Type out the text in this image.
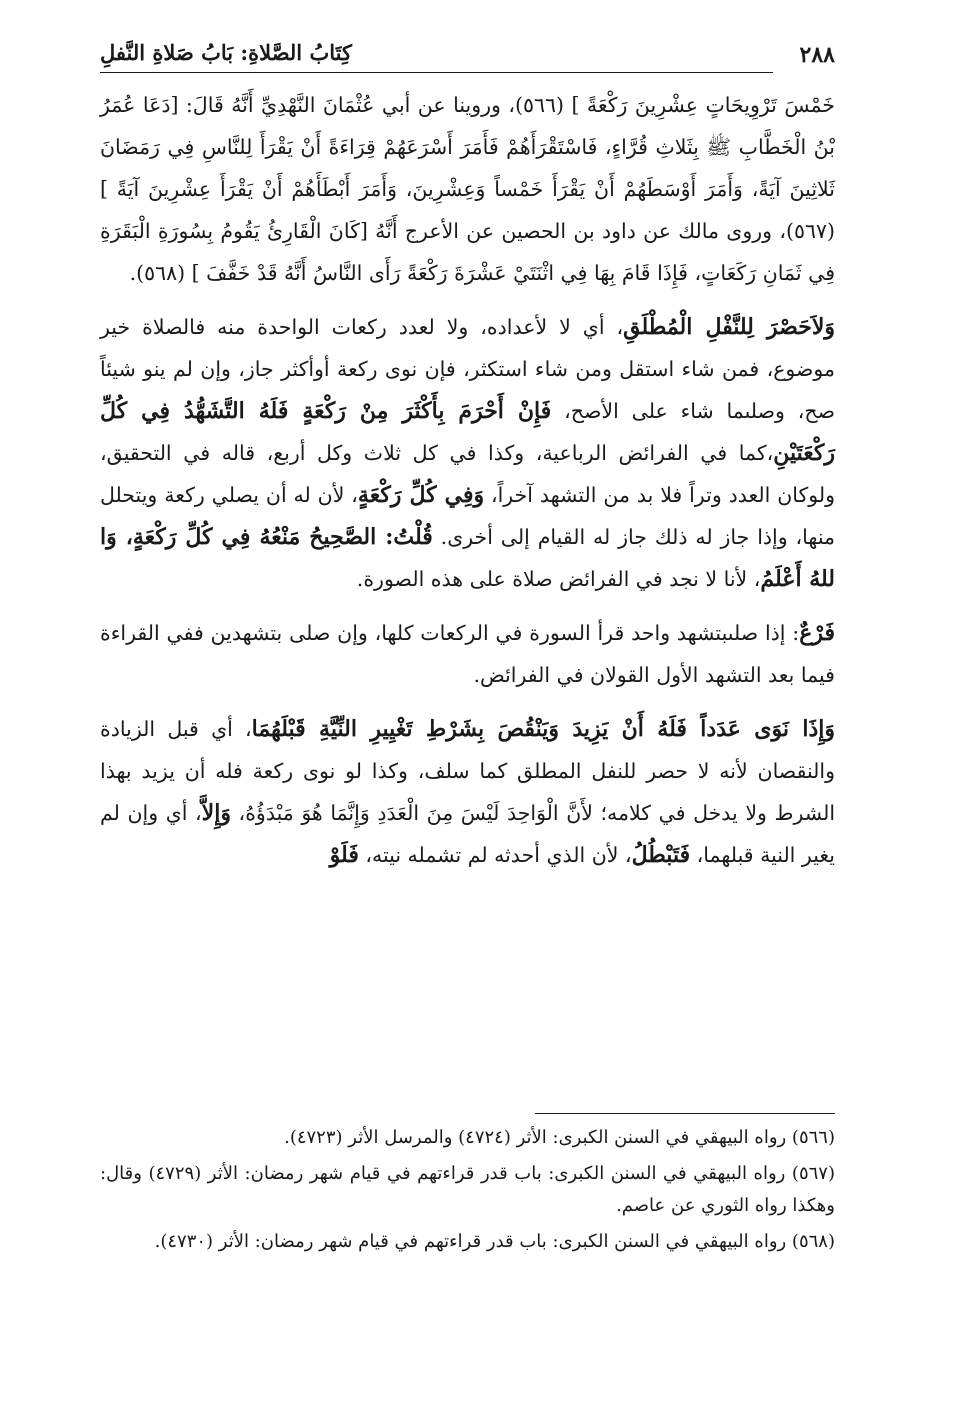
٢٨٨
كِتَابُ الصَّلاةِ: بَابُ صَلاةِ النَّفلِ

خَمْسَ تَرْوِيحَاتٍ عِشْرِينَ رَكْعَةً ] (٥٦٦)، وروينا عن أبي عُثْمَانَ النَّهْدِيِّ أَنَّهُ قَالَ: [دَعَا عُمَرُ بْنُ الْخَطَّابِ ﷺ بِثَلاثِ قُرَّاءٍ، فَاسْتَقْرَأَهُمْ فَأَمَرَ أَسْرَعَهُمْ قِرَاءَةً أَنْ يَقْرَأَ لِلنَّاسِ فِي رَمَضَانَ ثَلاثِينَ آيَةً، وَأَمَرَ أَوْسَطَهُمْ أَنْ يَقْرَأَ خَمْساً وَعِشْرِينَ، وَأَمَرَ أَبْطَأَهُمْ أَنْ يَقْرَأَ عِشْرِينَ آيَةً ] (٥٦٧)، وروى مالك عن داود بن الحصين عن الأعرج أَنَّهُ [كَانَ الْقَارِئُ يَقُومُ بِسُورَةِ الْبَقَرَةِ فِي ثَمَانِ رَكَعَاتٍ، فَإِذَا قَامَ بِهَا فِي اثْنَتَيْ عَشْرَةَ رَكْعَةً رَأَى النَّاسُ أَنَّهُ قَدْ خَفَّفَ ] (٥٦٨).

وَلاَحَصْرَ لِلنَّفْلِ الْمُطْلَقِ، أي لا لأعداده، ولا لعدد ركعات الواحدة منه فالصلاة خير موضوع، فمن شاء استقل ومن شاء استكثر، فإن نوى ركعة أوأكثر جاز، وإن لم ينو شيئاً صح، وصلىما شاء على الأصح، فَإِنْ أَحْرَمَ بِأَكْثَرَ مِنْ رَكْعَةٍ فَلَهُ التَّشَهُّدُ فِي كُلِّ رَكْعَتَيْنِ،كما في الفرائض الرباعية، وكذا في كل ثلاث وكل أربع، قاله في التحقيق، ولوكان العدد وتراً فلا بد من التشهد آخراً، وَفِي كُلِّ رَكْعَةٍ، لأن له أن يصلي ركعة ويتحلل منها، وإذا جاز له ذلك جاز له القيام إلى أخرى. قُلْتُ: الصَّحِيحُ مَنْعُهُ فِي كُلِّ رَكْعَةٍ، وَا للهُ أَعْلَمُ، لأنا لا نجد في الفرائض صلاة على هذه الصورة.

فَرْعٌ: إذا صلىبتشهد واحد قرأ السورة في الركعات كلها، وإن صلى بتشهدين ففي القراءة فيما بعد التشهد الأول القولان في الفرائض.

وَإِذَا نَوَى عَدَداً فَلَهُ أَنْ يَزِيدَ وَيَنْقُصَ بِشَرْطِ تَغْيِيرِ النِّيَّةِ قَبْلَهُمَا، أي قبل الزيادة والنقصان لأنه لا حصر للنفل المطلق كما سلف، وكذا لو نوى ركعة فله أن يزيد بهذا الشرط ولا يدخل في كلامه؛ لأَنَّ الْوَاحِدَ لَيْسَ مِنَ الْعَدَدِ وَإِنَّمَا هُوَ مَبْدَؤُهُ، وَإِلاَّ، أي وإن لم يغير النية قبلهما، فَتَبْطُلُ، لأن الذي أحدثه لم تشمله نيته، فَلَوْ

(٥٦٦) رواه البيهقي في السنن الكبرى: الأثر (٤٧٢٤) والمرسل الأثر (٤٧٢٣).

(٥٦٧) رواه البيهقي في السنن الكبرى: باب قدر قراءتهم في قيام شهر رمضان: الأثر (٤٧٢٩) وقال: وهكذا رواه الثوري عن عاصم.

(٥٦٨) رواه البيهقي في السنن الكبرى: باب قدر قراءتهم في قيام شهر رمضان: الأثر (٤٧٣٠).
